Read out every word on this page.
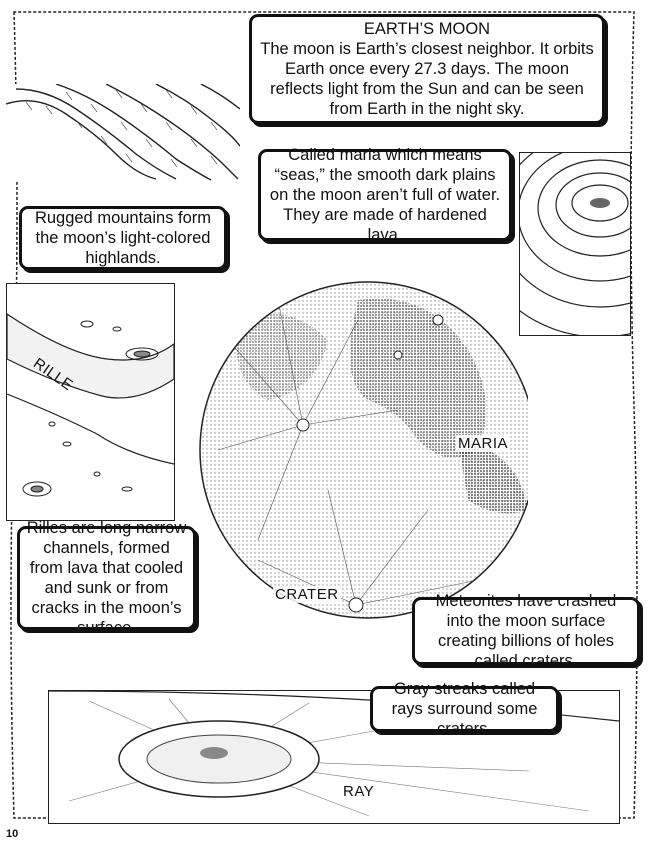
EARTH’S MOON
The moon is Earth’s closest neighbor. It orbits Earth once every 27.3 days. The moon reflects light from the Sun and can be seen from Earth in the night sky.
Rugged mountains form the moon’s light-colored highlands.
Called maria which means “seas,” the smooth dark plains on the moon aren’t full of water. They are made of hardened lava.
RILLE
MARIA
CRATER
Rilles are long narrow channels, formed from lava that cooled and sunk or from cracks in the moon’s surface.
Meteorites have crashed into the moon surface creating billions of holes called craters.
RAY
Gray streaks called rays surround some craters.
10
